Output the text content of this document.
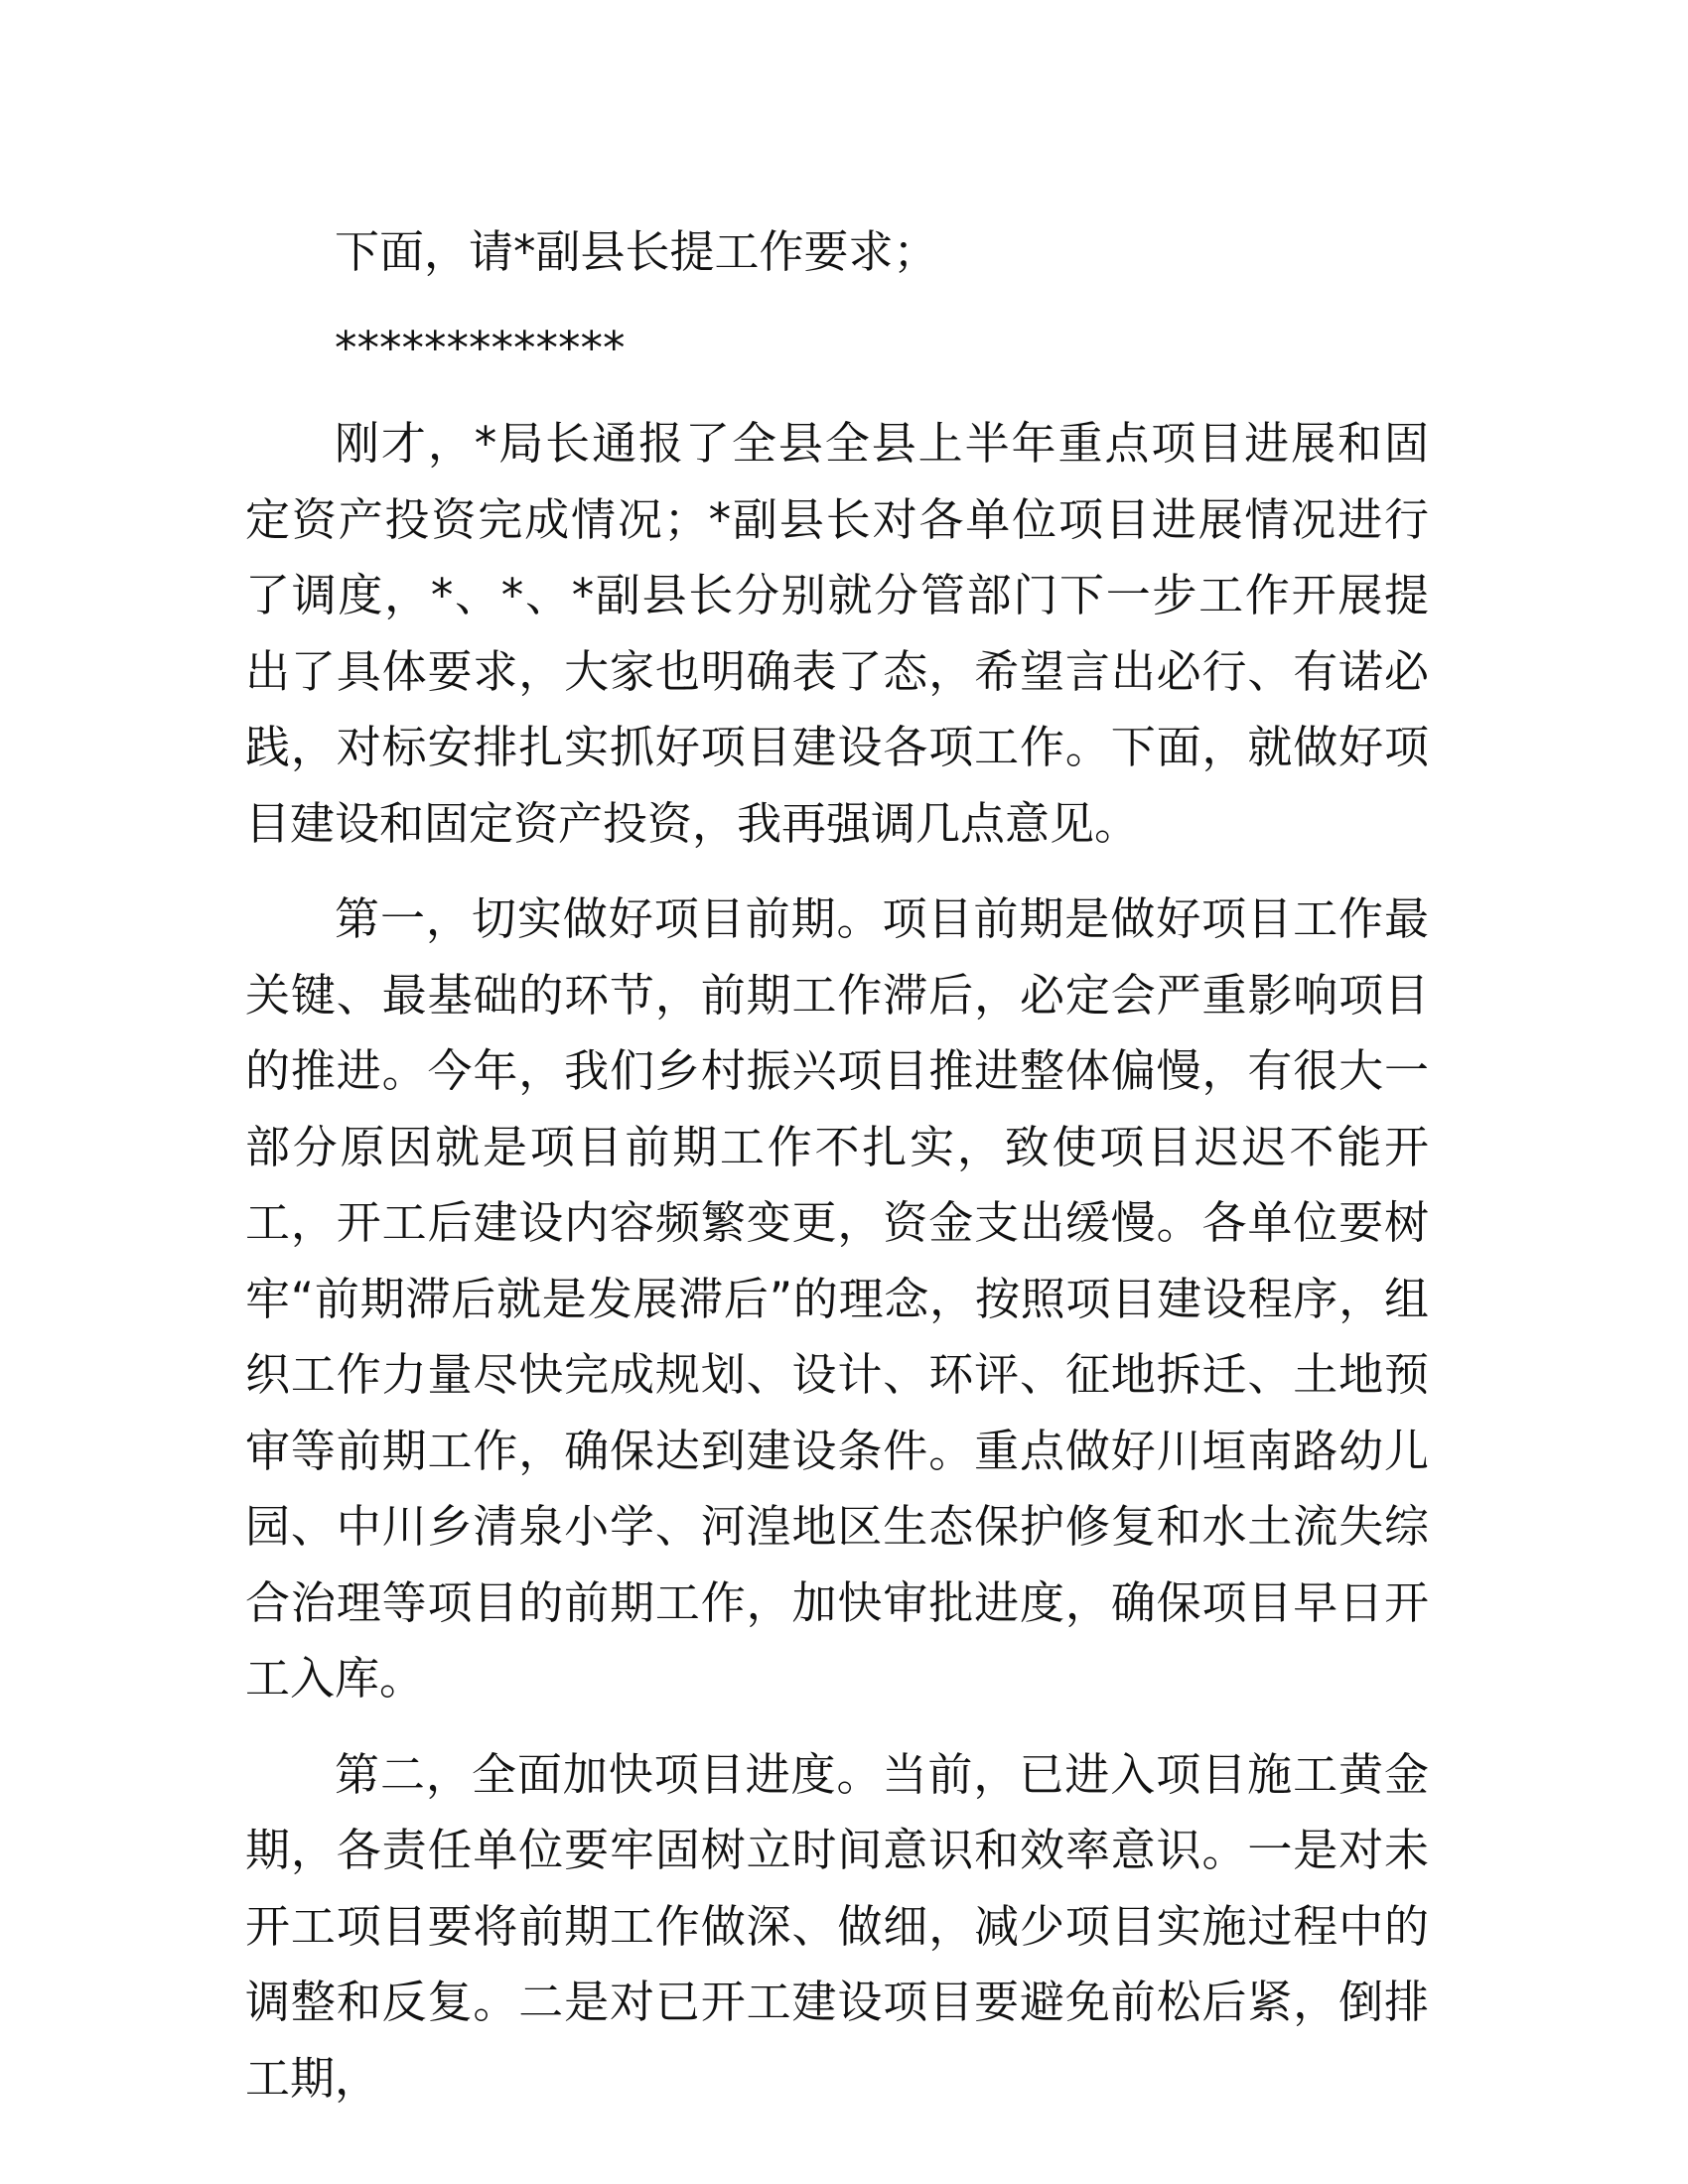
下面，请*副县长提工作要求；

*************

刚才，*局长通报了全县全县上半年重点项目进展和固定资产投资完成情况；*副县长对各单位项目进展情况进行了调度，*、*、*副县长分别就分管部门下一步工作开展提出了具体要求，大家也明确表了态，希望言出必行、有诺必践，对标安排扎实抓好项目建设各项工作。下面，就做好项目建设和固定资产投资，我再强调几点意见。

第一，切实做好项目前期。项目前期是做好项目工作最关键、最基础的环节，前期工作滞后，必定会严重影响项目的推进。今年，我们乡村振兴项目推进整体偏慢，有很大一部分原因就是项目前期工作不扎实，致使项目迟迟不能开工，开工后建设内容频繁变更，资金支出缓慢。各单位要树牢“前期滞后就是发展滞后”的理念，按照项目建设程序，组织工作力量尽快完成规划、设计、环评、征地拆迁、土地预审等前期工作，确保达到建设条件。重点做好川垣南路幼儿园、中川乡清泉小学、河湟地区生态保护修复和水土流失综合治理等项目的前期工作，加快审批进度，确保项目早日开工入库。

第二，全面加快项目进度。当前，已进入项目施工黄金期，各责任单位要牢固树立时间意识和效率意识。一是对未开工项目要将前期工作做深、做细，减少项目实施过程中的调整和反复。二是对已开工建设项目要避免前松后紧，倒排工期，
